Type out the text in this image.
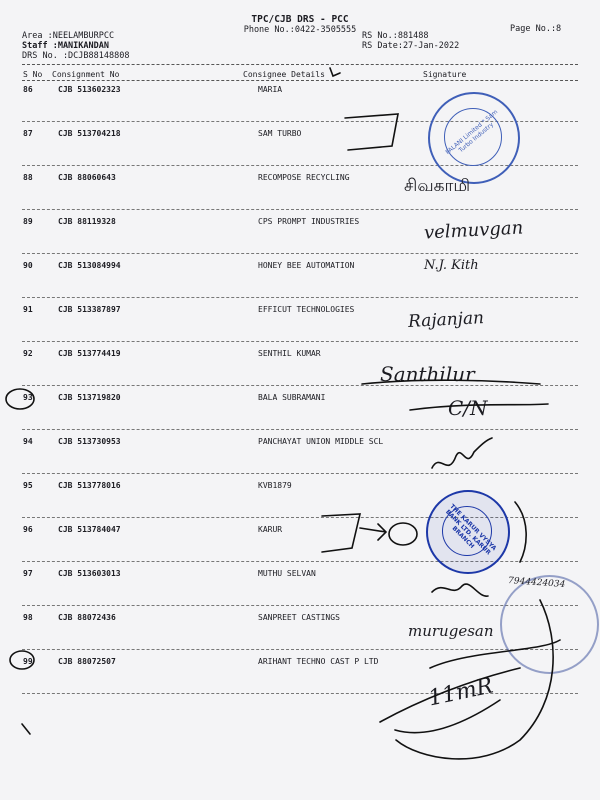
TPC/CJB DRS - PCC
Phone No.:0422-3505555
Area :NEELAMBURPCC
Staff :MANIKANDAN
DRS No. :DCJB88148808
RS No.:881488
RS Date:27-Jan-2022
Page No.:8
S No Consignment No	Consignee Details	Signature
86	CJB 513602323	MARIA
87	CJB 513704218	SAM TURBO
88	CJB 88060643	RECOMPOSE RECYCLING
89	CJB 88119328	CPS PROMPT INDUSTRIES
90	CJB 513084994	HONEY BEE AUTOMATION
91	CJB 513387897	EFFICUT TECHNOLOGIES
92	CJB 513774419	SENTHIL KUMAR
93	CJB 513719820	BALA SUBRAMANI
94	CJB 513730953	PANCHAYAT UNION MIDDLE SCL
95	CJB 513778016	KVB1879
96	CJB 513784047	KARUR
97	CJB 513603013	MUTHU SELVAN
98	CJB 88072436	SANPREET CASTINGS
99	CJB 88072507	ARIHANT TECHNO CAST P LTD
PALANI Limited * Sam Turbo Industry
THE KARUR VYSYA BANK LTD. KARUR BRANCH
சிவகாமி
velmuvgan
N.J. Kith
Rajanjan
Santhilur
C/N
7944424034
murugesan
11mR
